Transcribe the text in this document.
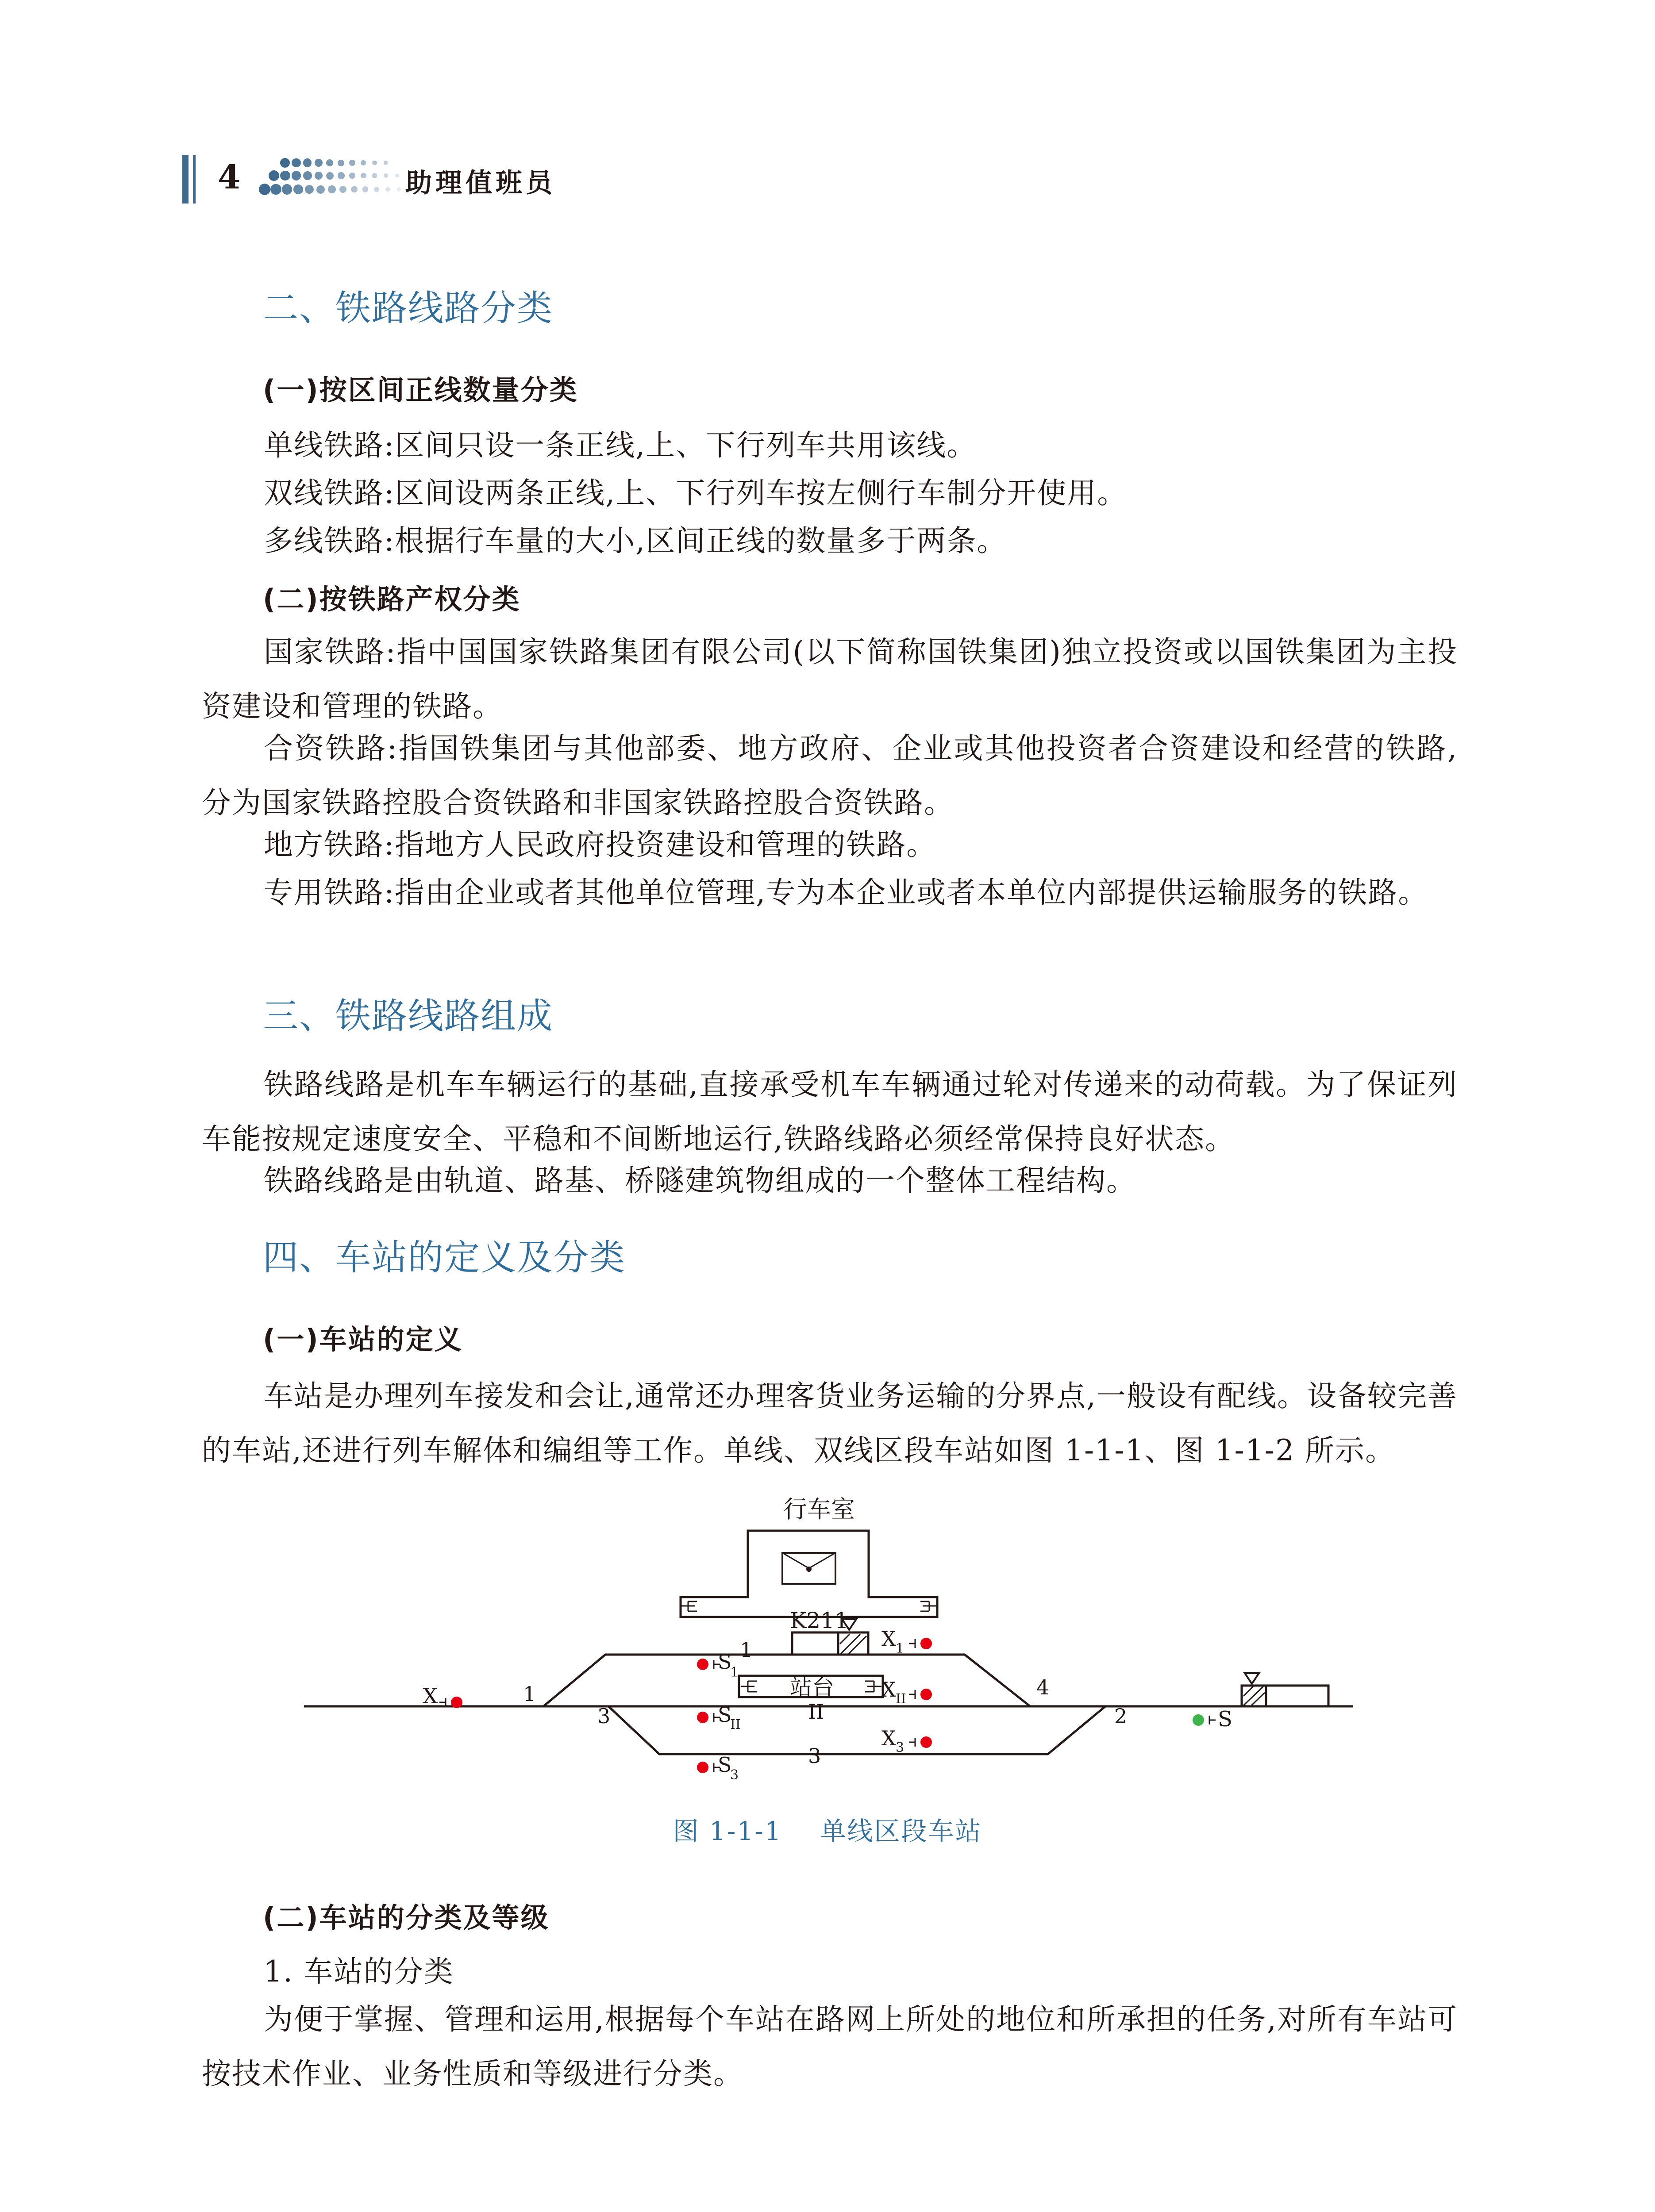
4	助理值班员
二、铁路线路分类
(一)按区间正线数量分类

单线铁路:区间只设一条正线,上、下行列车共用该线。

双线铁路:区间设两条正线,上、下行列车按左侧行车制分开使用。

多线铁路:根据行车量的大小,区间正线的数量多于两条。

(二)按铁路产权分类

国家铁路:指中国国家铁路集团有限公司(以下简称国铁集团)独立投资或以国铁集团为主投资建设和管理的铁路。

合资铁路:指国铁集团与其他部委、地方政府、企业或其他投资者合资建设和经营的铁路,分为国家铁路控股合资铁路和非国家铁路控股合资铁路。

地方铁路:指地方人民政府投资建设和管理的铁路。

专用铁路:指由企业或者其他单位管理,专为本企业或者本单位内部提供运输服务的铁路。

三、铁路线路组成

铁路线路是机车车辆运行的基础,直接承受机车车辆通过轮对传递来的动荷载。为了保证列车能按规定速度安全、平稳和不间断地运行,铁路线路必须经常保持良好状态。

铁路线路是由轨道、路基、桥隧建筑物组成的一个整体工程结构。

四、车站的定义及分类
(一)车站的定义

车站是办理列车接发和会让,通常还办理客货业务运输的分界点,一般设有配线。设备较完善的车站,还进行列车解体和编组等工作。单线、双线区段车站如图 1-1-1、图 1-1-2 所示。

行车室
K211
站台
X
S
S
1
S
II
S
3
X 1
X II
X 3
1
II
3
1
2
3
4
图 1-1-1    单线区段车站
(二)车站的分类及等级

1. 车站的分类

为便于掌握、管理和运用,根据每个车站在路网上所处的地位和所承担的任务,对所有车站可按技术作业、业务性质和等级进行分类。
